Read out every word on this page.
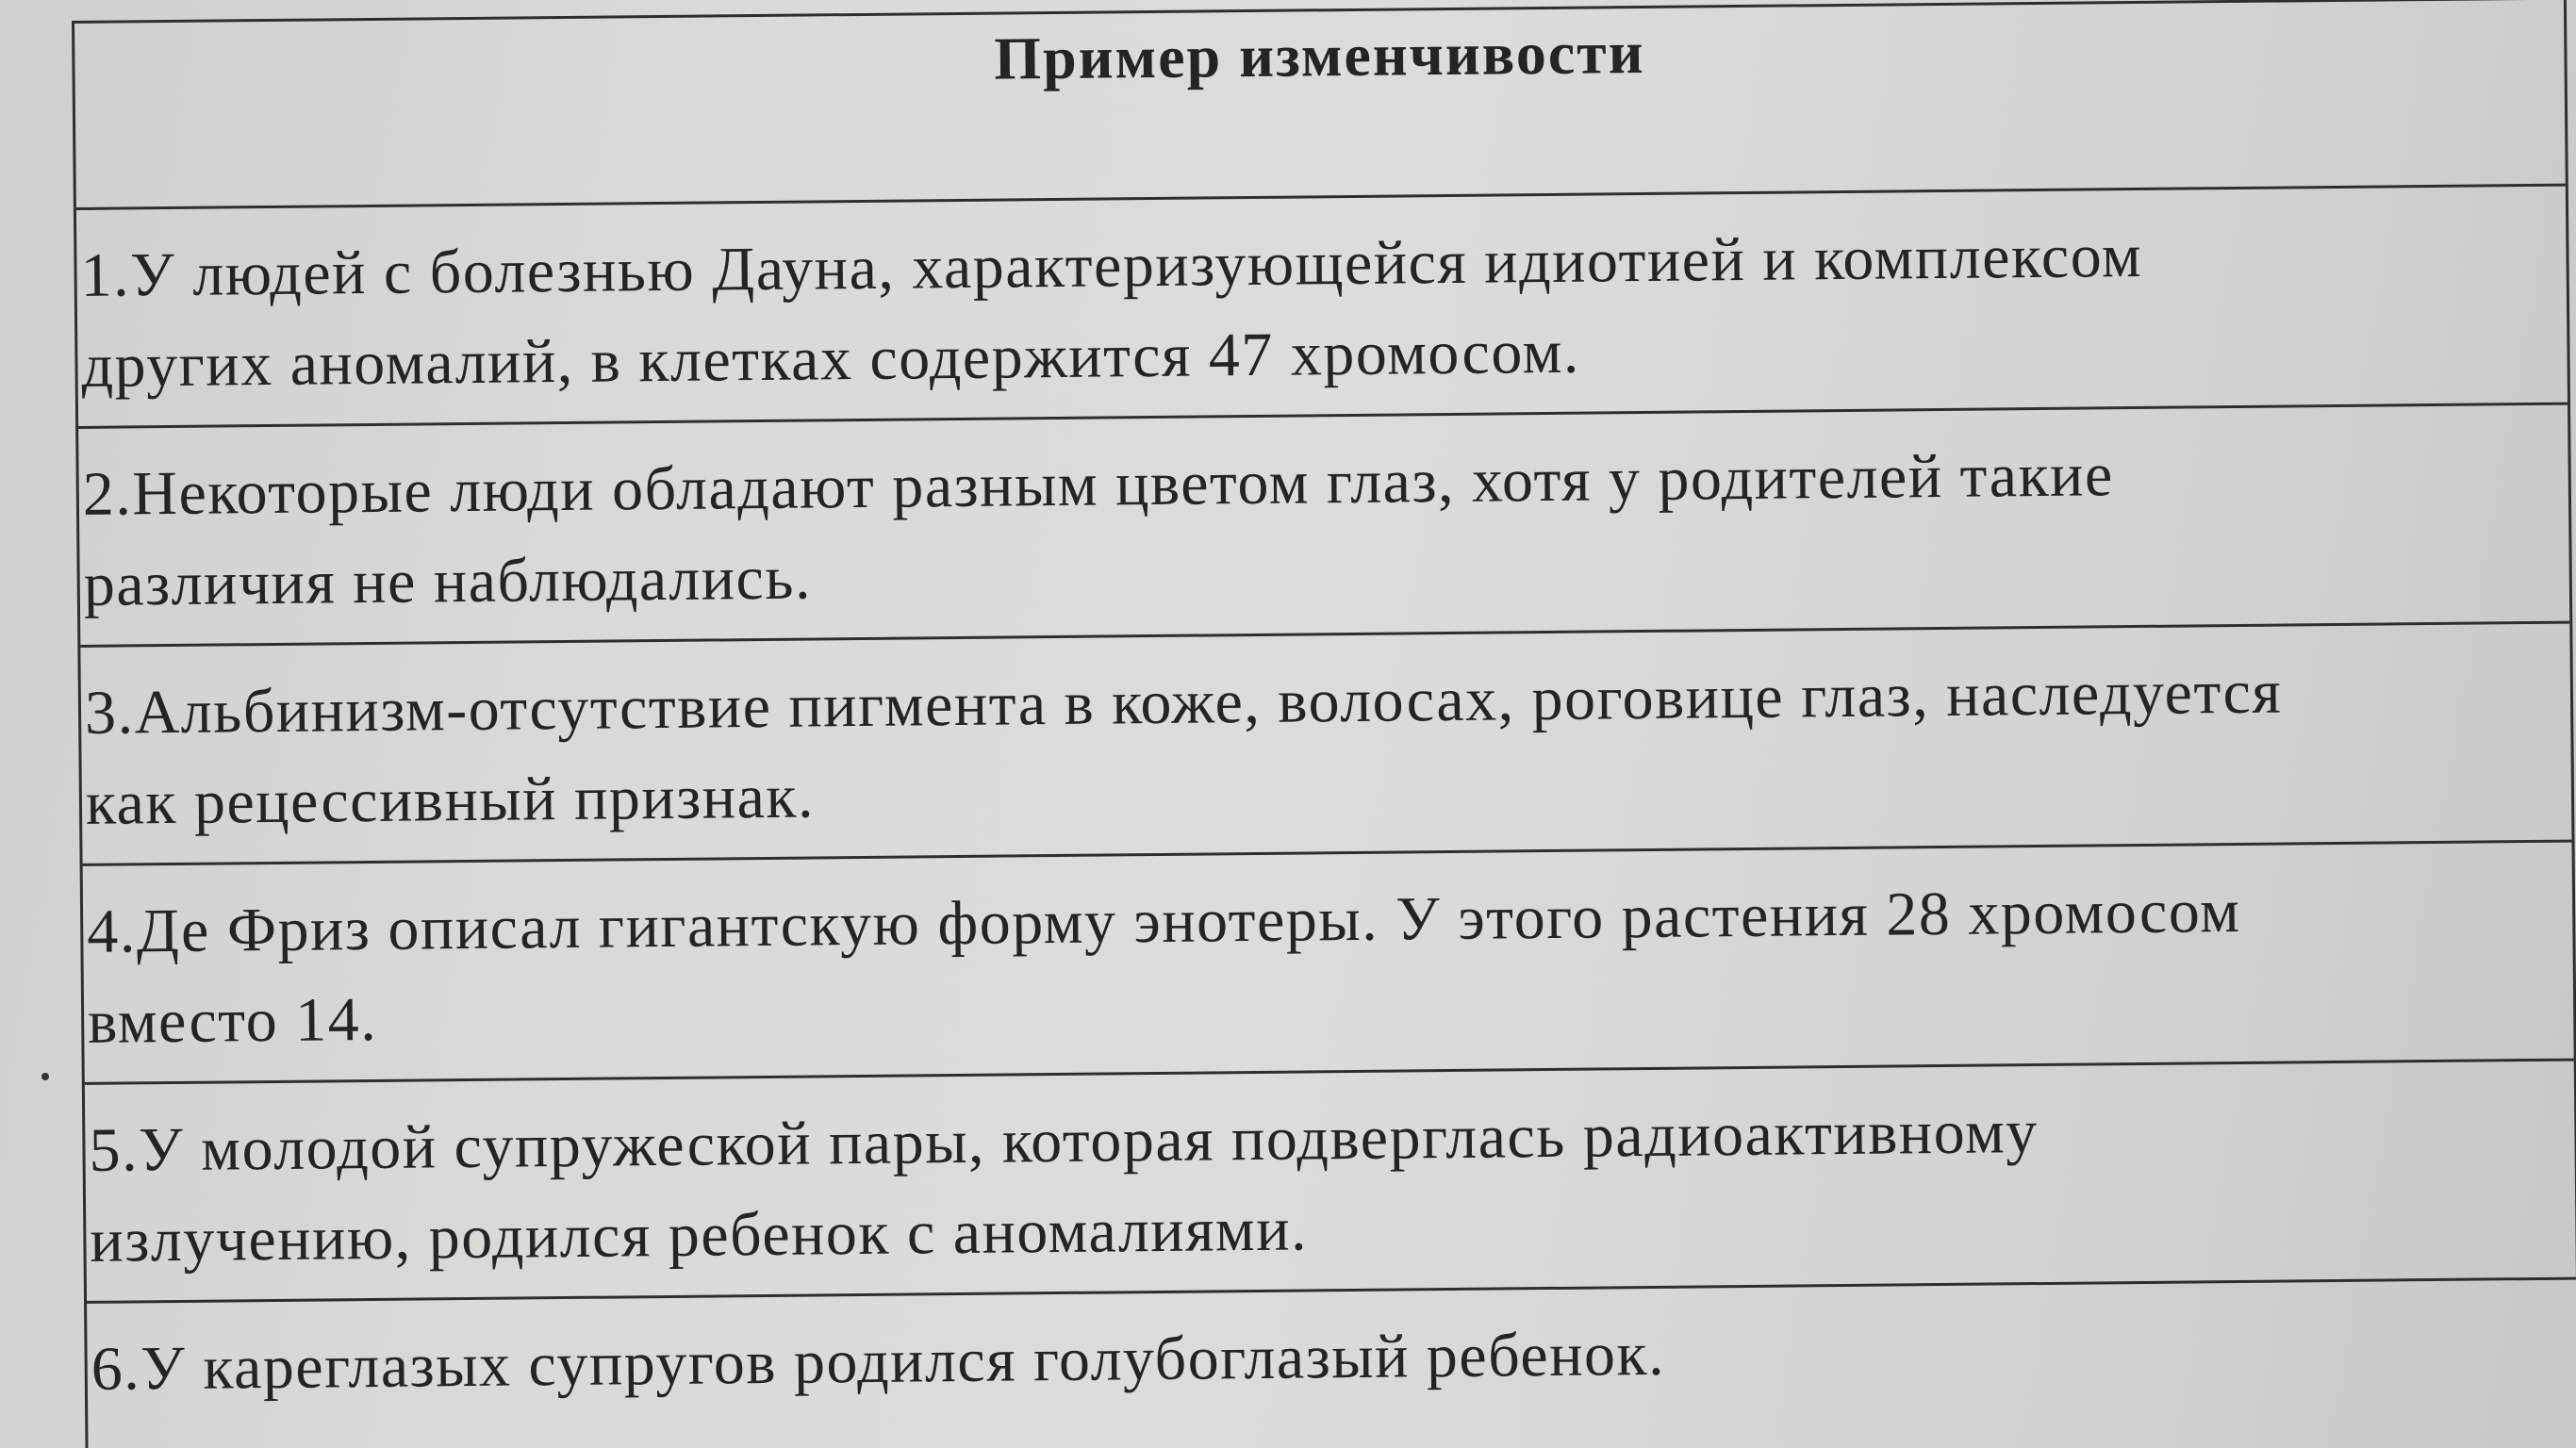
Пример изменчивости
1.У людей с болезнью Дауна, характеризующейся идиотией и комплексом
других аномалий, в клетках содержится 47 хромосом.
2.Некоторые люди обладают разным цветом глаз, хотя у родителей такие
различия не наблюдались.
3.Альбинизм-отсутствие пигмента в коже, волосах, роговице глаз, наследуется
как рецессивный признак.
4.Де Фриз описал гигантскую форму энотеры. У этого растения 28 хромосом
вместо 14.
5.У молодой супружеской пары, которая подверглась радиоактивному
излучению, родился ребенок с аномалиями.
6.У кареглазых супругов родился голубоглазый ребенок.
